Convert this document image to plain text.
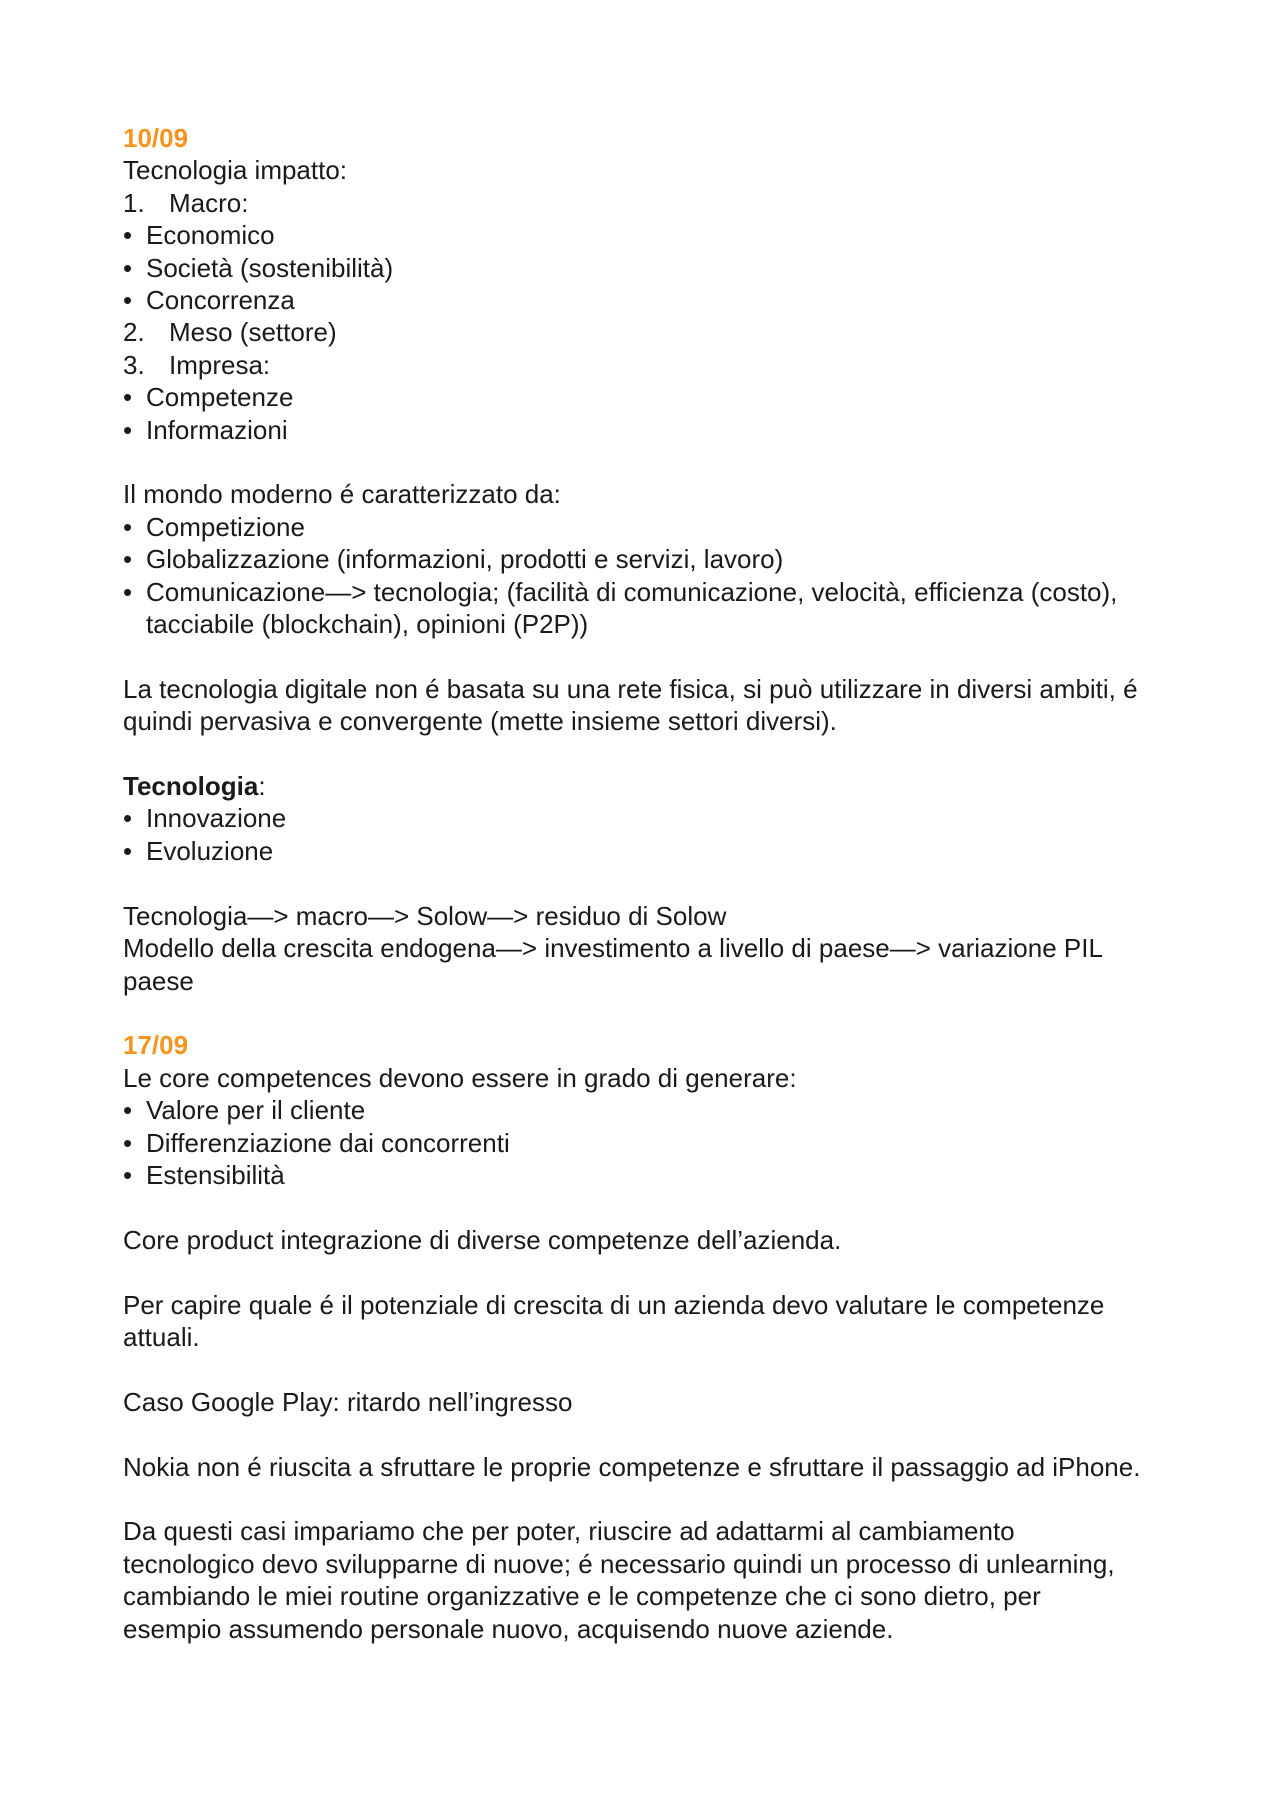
10/09

Tecnologia impatto:

1. Macro:
• Economico
• Società (sostenibilità)
• Concorrenza
2. Meso (settore)
3. Impresa:
• Competenze
• Informazioni

Il mondo moderno é caratterizzato da:

• Competizione
• Globalizzazione (informazioni, prodotti e servizi, lavoro)
• Comunicazione—> tecnologia; (facilità di comunicazione, velocità, efficienza (costo), tacciabile (blockchain), opinioni (P2P))

La tecnologia digitale non é basata su una rete fisica, si può utilizzare in diversi ambiti, é quindi pervasiva e convergente (mette insieme settori diversi).

Tecnologia:

• Innovazione
• Evoluzione

Tecnologia—> macro—> Solow—> residuo di Solow

Modello della crescita endogena—> investimento a livello di paese—> variazione PIL paese

17/09

Le core competences devono essere in grado di generare:

• Valore per il cliente
• Differenziazione dai concorrenti
• Estensibilità

Core product integrazione di diverse competenze dell’azienda.

Per capire quale é il potenziale di crescita di un azienda devo valutare le competenze attuali.

Caso Google Play: ritardo nell’ingresso

Nokia non é riuscita a sfruttare le proprie competenze e sfruttare il passaggio ad iPhone.

Da questi casi impariamo che per poter, riuscire ad adattarmi al cambiamento tecnologico devo svilupparne di nuove; é necessario quindi un processo di unlearning, cambiando le miei routine organizzative e le competenze che ci sono dietro, per esempio assumendo personale nuovo, acquisendo nuove aziende.
